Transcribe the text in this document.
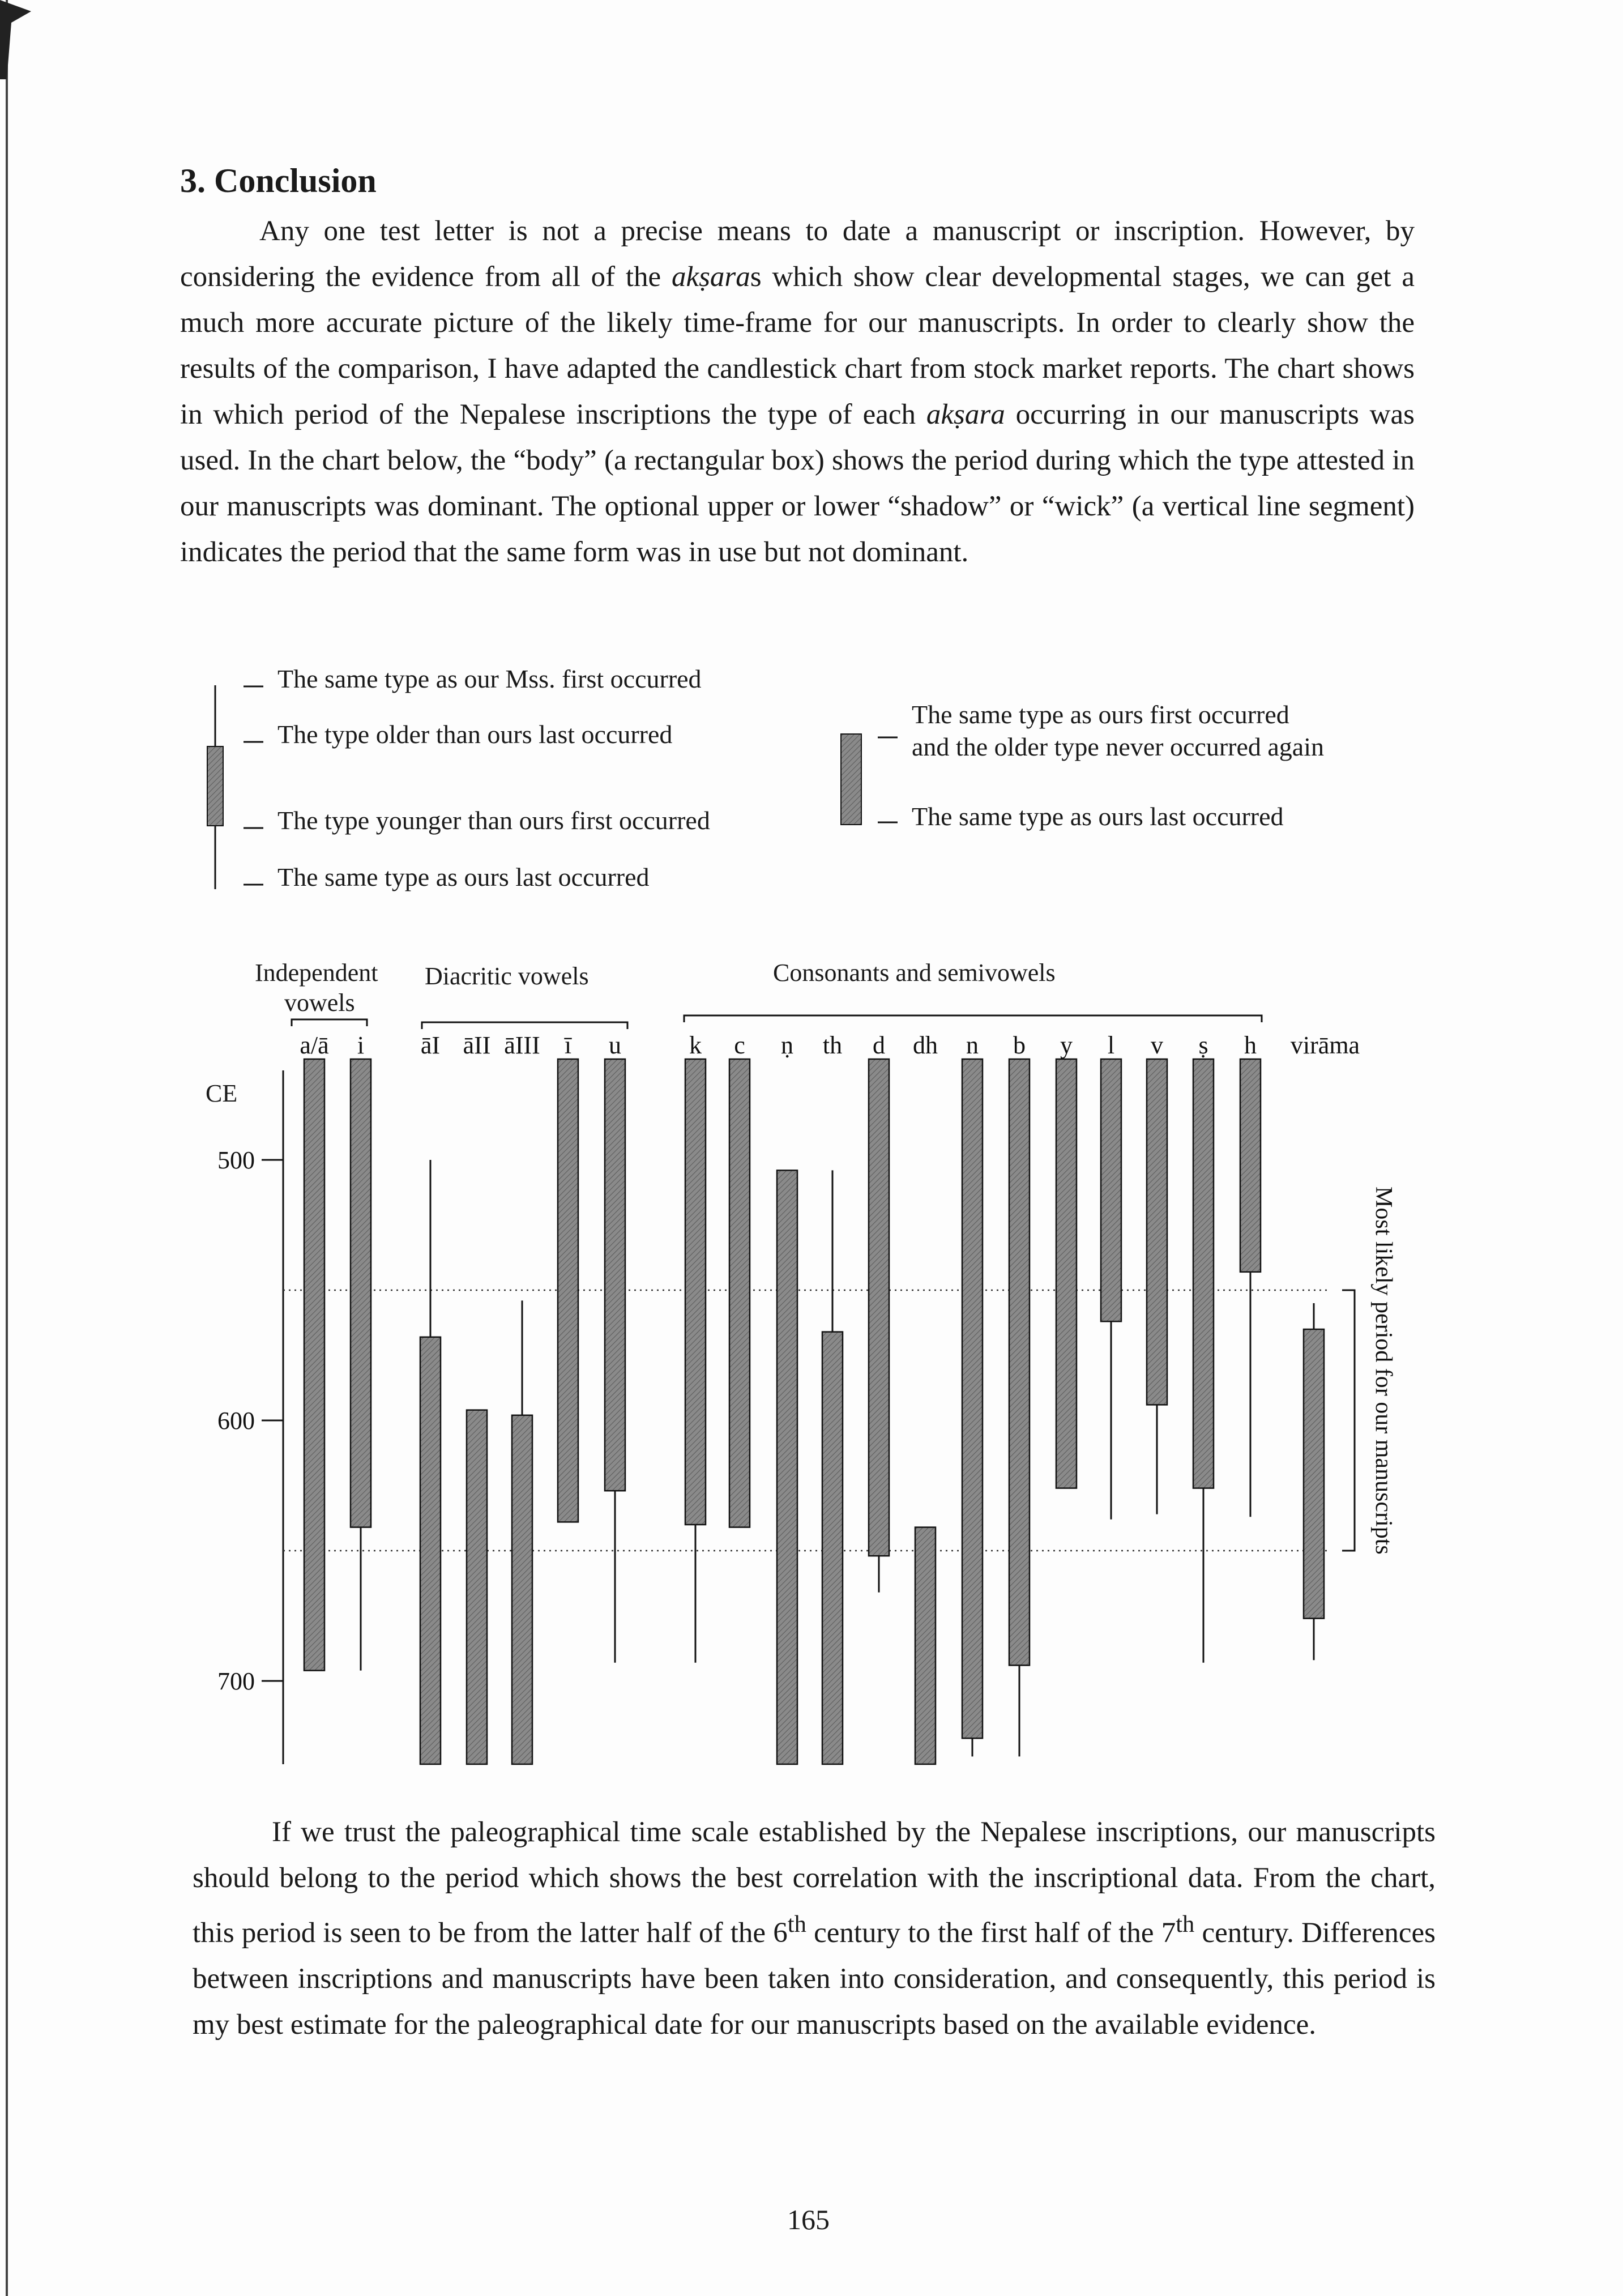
3. Conclusion

Any one test letter is not a precise means to date a manuscript or inscription. However, by considering the evidence from all of the akṣaras which show clear developmental stages, we can get a much more accurate picture of the likely time-frame for our manuscripts. In order to clearly show the results of the comparison, I have adapted the candlestick chart from stock market reports. The chart shows in which period of the Nepalese inscriptions the type of each akṣara occurring in our manuscripts was used. In the chart below, the “body” (a rectangular box) shows the period during which the type attested in our manuscripts was dominant. The optional upper or lower “shadow” or “wick” (a vertical line segment) indicates the period that the same form was in use but not dominant.

The same type as our Mss. first occurred
The type older than ours last occurred
The type younger than ours first occurred
The same type as ours last occurred
The same type as ours first occurred
and the older type never occurred again
The same type as ours last occurred
Independent
vowels
Diacritic vowels	Consonants and semivowels
CE
500
600
700
Most likely period for our manuscripts
a/ā i āI āII āIII ī u	k c ṇ th d dh n b y l v ṣ h virāma

If we trust the paleographical time scale established by the Nepalese inscriptions, our manuscripts should belong to the period which shows the best correlation with the inscriptional data. From the chart, this period is seen to be from the latter half of the 6th century to the first half of the 7th century. Differences between inscriptions and manuscripts have been taken into consideration, and consequently, this period is my best estimate for the paleographical date for our manuscripts based on the available evidence.

165
